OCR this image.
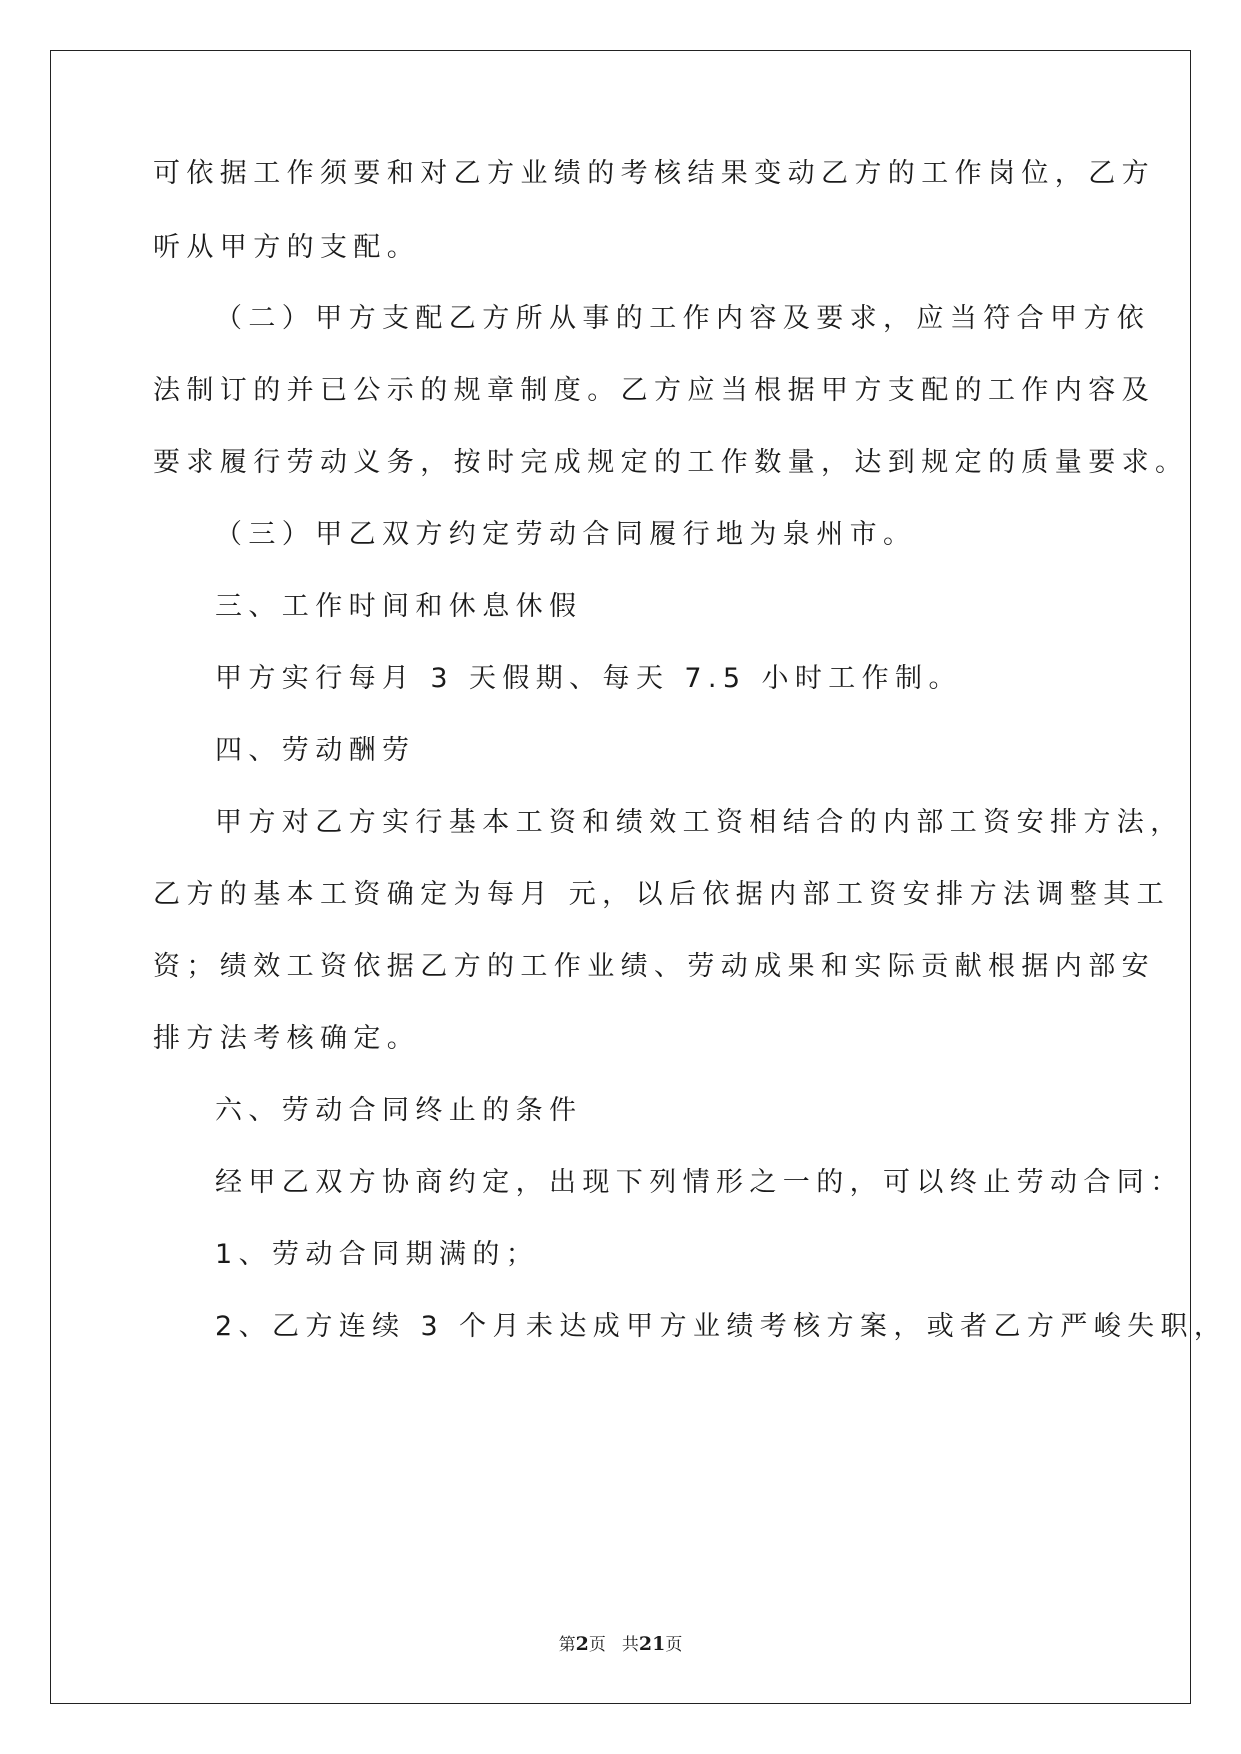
可依据工作须要和对乙方业绩的考核结果变动乙方的工作岗位，乙方
听从甲方的支配。
（二）甲方支配乙方所从事的工作内容及要求，应当符合甲方依
法制订的并已公示的规章制度。乙方应当根据甲方支配的工作内容及
要求履行劳动义务，按时完成规定的工作数量，达到规定的质量要求。
（三）甲乙双方约定劳动合同履行地为泉州市。
三、工作时间和休息休假
甲方实行每月 3 天假期、每天 7.5 小时工作制。
四、劳动酬劳
甲方对乙方实行基本工资和绩效工资相结合的内部工资安排方法，
乙方的基本工资确定为每月 元，以后依据内部工资安排方法调整其工
资；绩效工资依据乙方的工作业绩、劳动成果和实际贡献根据内部安
排方法考核确定。
六、劳动合同终止的条件
经甲乙双方协商约定，出现下列情形之一的，可以终止劳动合同：
1、劳动合同期满的；
2、乙方连续 3 个月未达成甲方业绩考核方案，或者乙方严峻失职，
第2页 共21页
